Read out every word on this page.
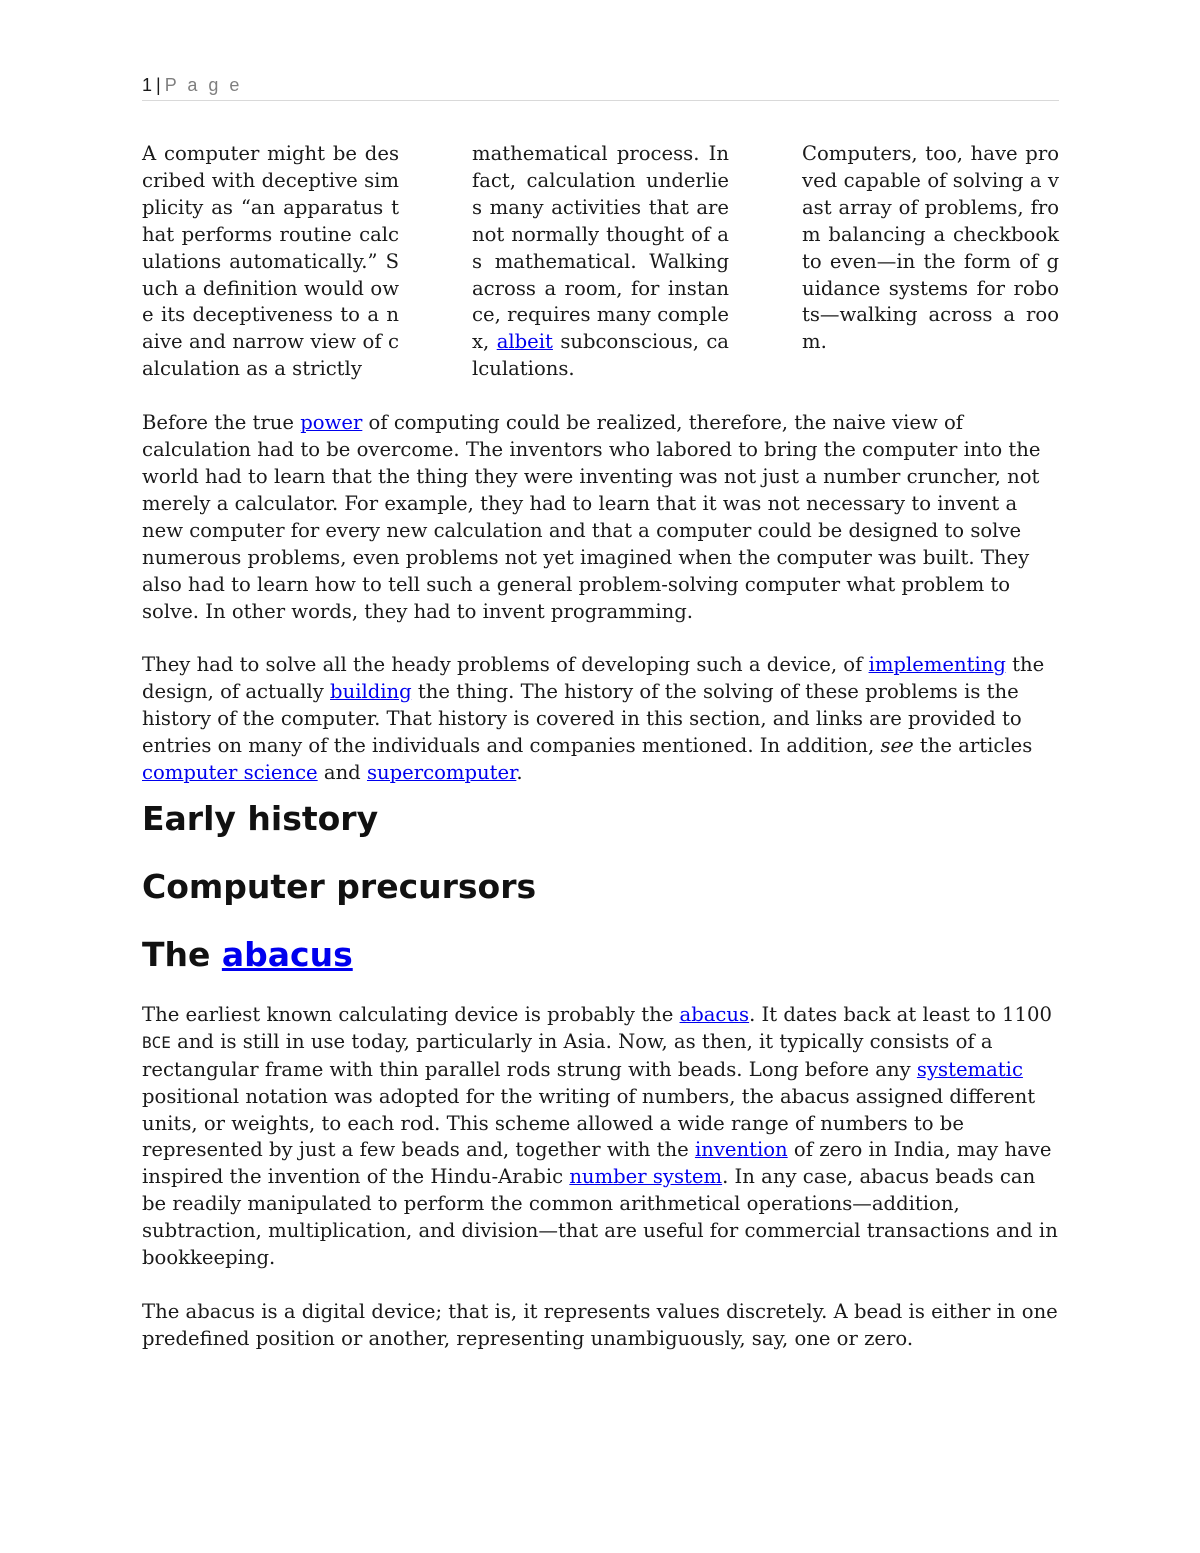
1 | P a g e

A computer might be described with deceptive simplicity as “an apparatus that performs routine calculations automatically.” Such a definition would owe its deceptiveness to a naive and narrow view of calculation as a strictly

mathematical process. In fact, calculation underlies many activities that are not normally thought of as mathematical. Walking across a room, for instance, requires many complex, albeit subconscious, calculations.

Computers, too, have proved capable of solving a vast array of problems, from balancing a checkbook to even—in the form of guidance systems for robots—walking across a room.

Before the true power of computing could be realized, therefore, the naive view of calculation had to be overcome. The inventors who labored to bring the computer into the world had to learn that the thing they were inventing was not just a number cruncher, not merely a calculator. For example, they had to learn that it was not necessary to invent a new computer for every new calculation and that a computer could be designed to solve numerous problems, even problems not yet imagined when the computer was built. They also had to learn how to tell such a general problem-solving computer what problem to solve. In other words, they had to invent programming.

They had to solve all the heady problems of developing such a device, of implementing the design, of actually building the thing. The history of the solving of these problems is the history of the computer. That history is covered in this section, and links are provided to entries on many of the individuals and companies mentioned. In addition, see the articles computer science and supercomputer.

Early history
Computer precursors
The abacus

The earliest known calculating device is probably the abacus. It dates back at least to 1100 BCE and is still in use today, particularly in Asia. Now, as then, it typically consists of a rectangular frame with thin parallel rods strung with beads. Long before any systematic positional notation was adopted for the writing of numbers, the abacus assigned different units, or weights, to each rod. This scheme allowed a wide range of numbers to be represented by just a few beads and, together with the invention of zero in India, may have inspired the invention of the Hindu-Arabic number system. In any case, abacus beads can be readily manipulated to perform the common arithmetical operations—addition, subtraction, multiplication, and division—that are useful for commercial transactions and in bookkeeping.

The abacus is a digital device; that is, it represents values discretely. A bead is either in one predefined position or another, representing unambiguously, say, one or zero.
